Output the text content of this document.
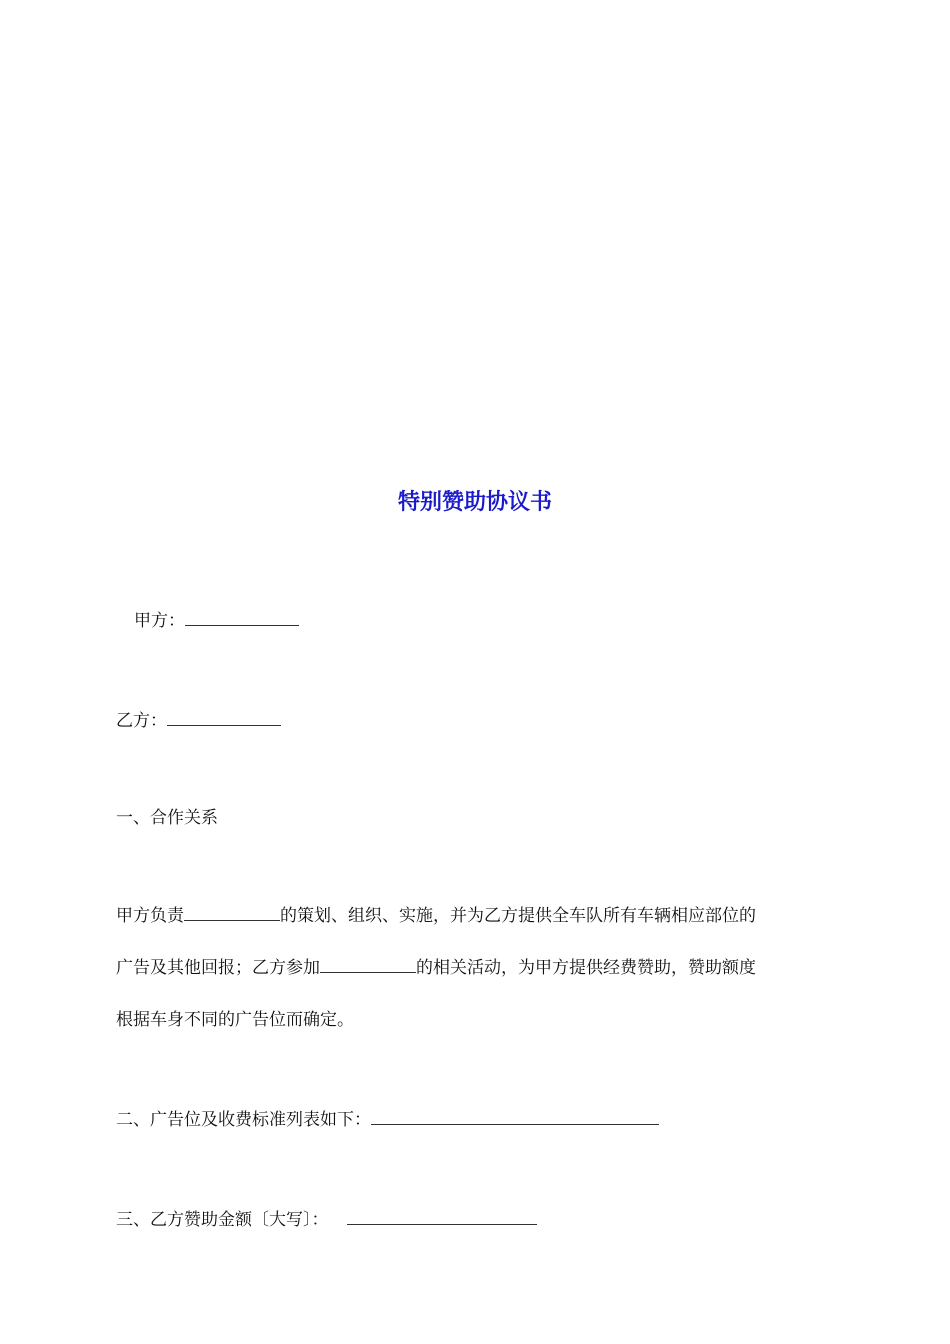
特别赞助协议书
甲方：
乙方：
一、合作关系

甲方负责	的策划、组织、实施，并为乙方提供全车队所有车辆相应部位的
广告及其他回报；乙方参加	的相关活动，为甲方提供经费赞助，赞助额度
根据车身不同的广告位而确定。

二、广告位及收费标准列表如下：
三、乙方赞助金额〔大写〕：
